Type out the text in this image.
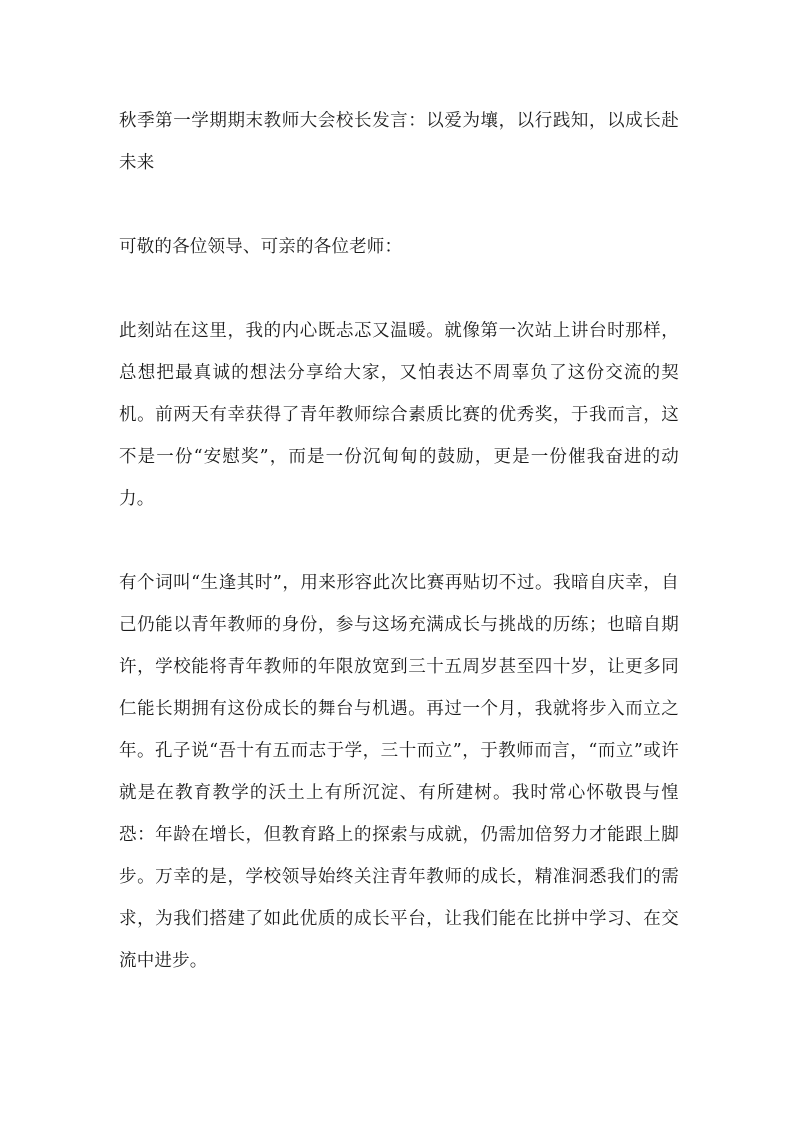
秋季第一学期期末教师大会校长发言：以爱为壤，以行践知，以成长赴未来

可敬的各位领导、可亲的各位老师：

此刻站在这里，我的内心既忐忑又温暖。就像第一次站上讲台时那样，总想把最真诚的想法分享给大家，又怕表达不周辜负了这份交流的契机。前两天有幸获得了青年教师综合素质比赛的优秀奖，于我而言，这不是一份“安慰奖”，而是一份沉甸甸的鼓励，更是一份催我奋进的动力。

有个词叫“生逢其时”，用来形容此次比赛再贴切不过。我暗自庆幸，自己仍能以青年教师的身份，参与这场充满成长与挑战的历练；也暗自期许，学校能将青年教师的年限放宽到三十五周岁甚至四十岁，让更多同仁能长期拥有这份成长的舞台与机遇。再过一个月，我就将步入而立之年。孔子说“吾十有五而志于学，三十而立”，于教师而言，“而立”或许就是在教育教学的沃土上有所沉淀、有所建树。我时常心怀敬畏与惶恐：年龄在增长，但教育路上的探索与成就，仍需加倍努力才能跟上脚步。万幸的是，学校领导始终关注青年教师的成长，精准洞悉我们的需求，为我们搭建了如此优质的成长平台，让我们能在比拼中学习、在交流中进步。
